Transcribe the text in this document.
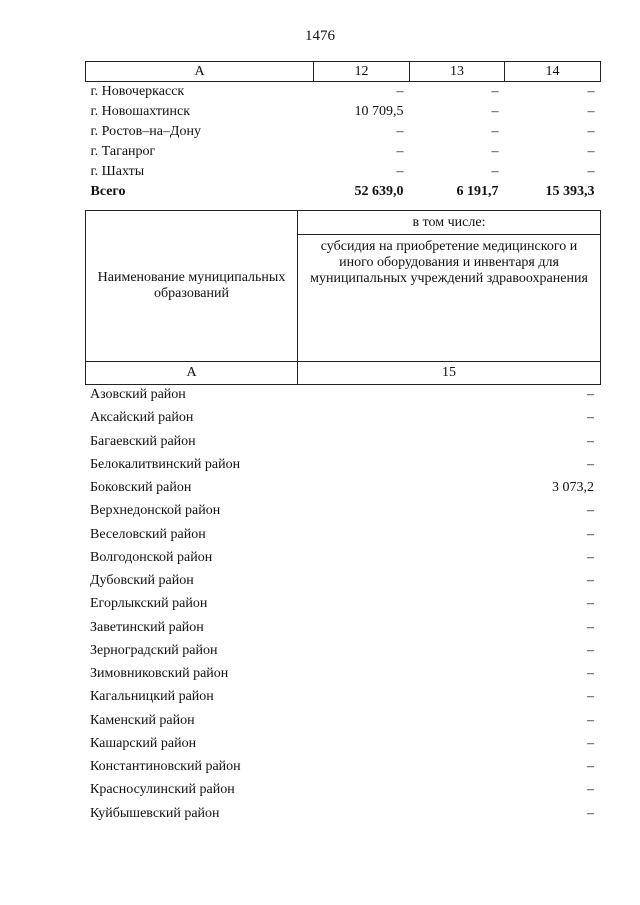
1476
А	12	13	14
г. Новочеркасск	–	–	–
г. Новошахтинск	10 709,5	–	–
г. Ростов–на–Дону	–	–	–
г. Таганрог	–	–	–
г. Шахты	–	–	–
Всего	52 639,0	6 191,7	15 393,3
Наименование муниципальных образований	в том числе:
	субсидия на приобретение медицинского и иного оборудования и инвентаря для муниципальных учреждений здравоохранения
А	15
Азовский район	–
Аксайский район	–
Багаевский район	–
Белокалитвинский район	–
Боковский район	3 073,2
Верхнедонской район	–
Веселовский район	–
Волгодонской район	–
Дубовский район	–
Егорлыкский район	–
Заветинский район	–
Зерноградский район	–
Зимовниковский район	–
Кагальницкий район	–
Каменский район	–
Кашарский район	–
Константиновский район	–
Красносулинский район	–
Куйбышевский район	–
